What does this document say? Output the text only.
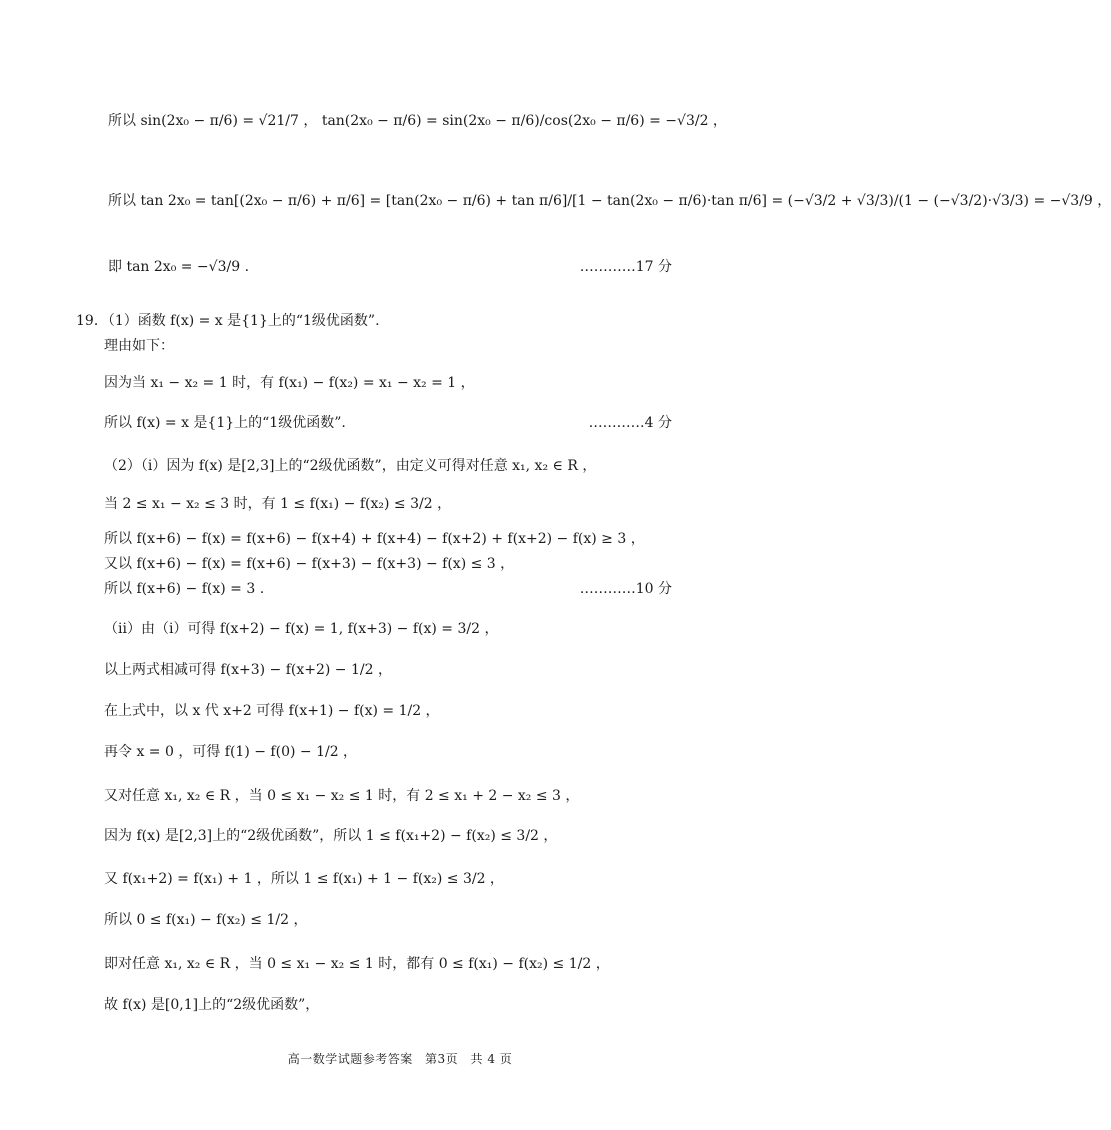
所以 sin(2x₀ − π/6) = √21/7 ， tan(2x₀ − π/6) = sin(2x₀ − π/6)/cos(2x₀ − π/6) = −√3/2 ，
所以 tan 2x₀ = tan[(2x₀ − π/6) + π/6] = [tan(2x₀ − π/6) + tan π/6]/[1 − tan(2x₀ − π/6)·tan π/6] = (−√3/2 + √3/3)/(1 − (−√3/2)·√3/3) = −√3/9 ，
即 tan 2x₀ = −√3/9 .	…………17 分
19．（1）函数 f(x) = x 是{1}上的“1级优函数”.
理由如下：
因为当 x₁ − x₂ = 1 时，有 f(x₁) − f(x₂) = x₁ − x₂ = 1 ，
所以 f(x) = x 是{1}上的“1级优函数”.	…………4 分
（2）（i）因为 f(x) 是[2,3]上的“2级优函数”，由定义可得对任意 x₁, x₂ ∈ R ，
当 2 ≤ x₁ − x₂ ≤ 3 时，有 1 ≤ f(x₁) − f(x₂) ≤ 3/2 ，
所以 f(x+6) − f(x) = f(x+6) − f(x+4) + f(x+4) − f(x+2) + f(x+2) − f(x) ≥ 3 ，
又以 f(x+6) − f(x) = f(x+6) − f(x+3) − f(x+3) − f(x) ≤ 3 ，
所以 f(x+6) − f(x) = 3 .	…………10 分
（ii）由（i）可得 f(x+2) − f(x) = 1, f(x+3) − f(x) = 3/2 ，
以上两式相减可得 f(x+3) − f(x+2) − 1/2 ，
在上式中，以 x 代 x+2 可得 f(x+1) − f(x) = 1/2 ，
再令 x = 0 ，可得 f(1) − f(0) − 1/2 ，
又对任意 x₁, x₂ ∈ R ，当 0 ≤ x₁ − x₂ ≤ 1 时，有 2 ≤ x₁ + 2 − x₂ ≤ 3 ，
因为 f(x) 是[2,3]上的“2级优函数”，所以 1 ≤ f(x₁+2) − f(x₂) ≤ 3/2 ，
又 f(x₁+2) = f(x₁) + 1 ，所以 1 ≤ f(x₁) + 1 − f(x₂) ≤ 3/2 ，
所以 0 ≤ f(x₁) − f(x₂) ≤ 1/2 ，
即对任意 x₁, x₂ ∈ R ，当 0 ≤ x₁ − x₂ ≤ 1 时，都有 0 ≤ f(x₁) − f(x₂) ≤ 1/2 ，
故 f(x) 是[0,1]上的“2级优函数”，
高一数学试题参考答案 第3页 共 4 页
